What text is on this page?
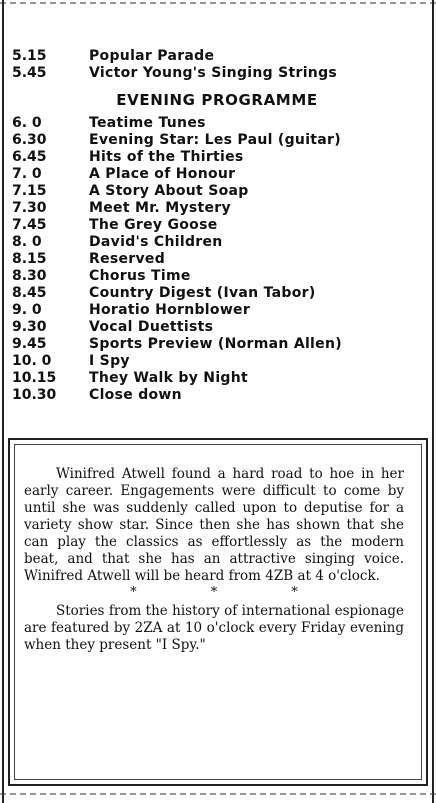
5.15	Popular Parade
5.45	Victor Young's Singing Strings
EVENING PROGRAMME
6. 0	Teatime Tunes
6.30	Evening Star: Les Paul (guitar)
6.45	Hits of the Thirties
7. 0	A Place of Honour
7.15	A Story About Soap
7.30	Meet Mr. Mystery
7.45	The Grey Goose
8. 0	David's Children
8.15	Reserved
8.30	Chorus Time
8.45	Country Digest (Ivan Tabor)
9. 0	Horatio Hornblower
9.30	Vocal Duettists
9.45	Sports Preview (Norman Allen)
10. 0	I Spy
10.15	They Walk by Night
10.30	Close down

Winifred Atwell found a hard road to hoe in her early career. Engagements were difficult to come by until she was suddenly called upon to deputise for a variety show star. Since then she has shown that she can play the classics as effortlessly as the modern beat, and that she has an attractive singing voice. Winifred Atwell will be heard from 4ZB at 4 o'clock.

* * *

Stories from the history of international espionage are featured by 2ZA at 10 o'clock every Friday evening when they present "I Spy."
